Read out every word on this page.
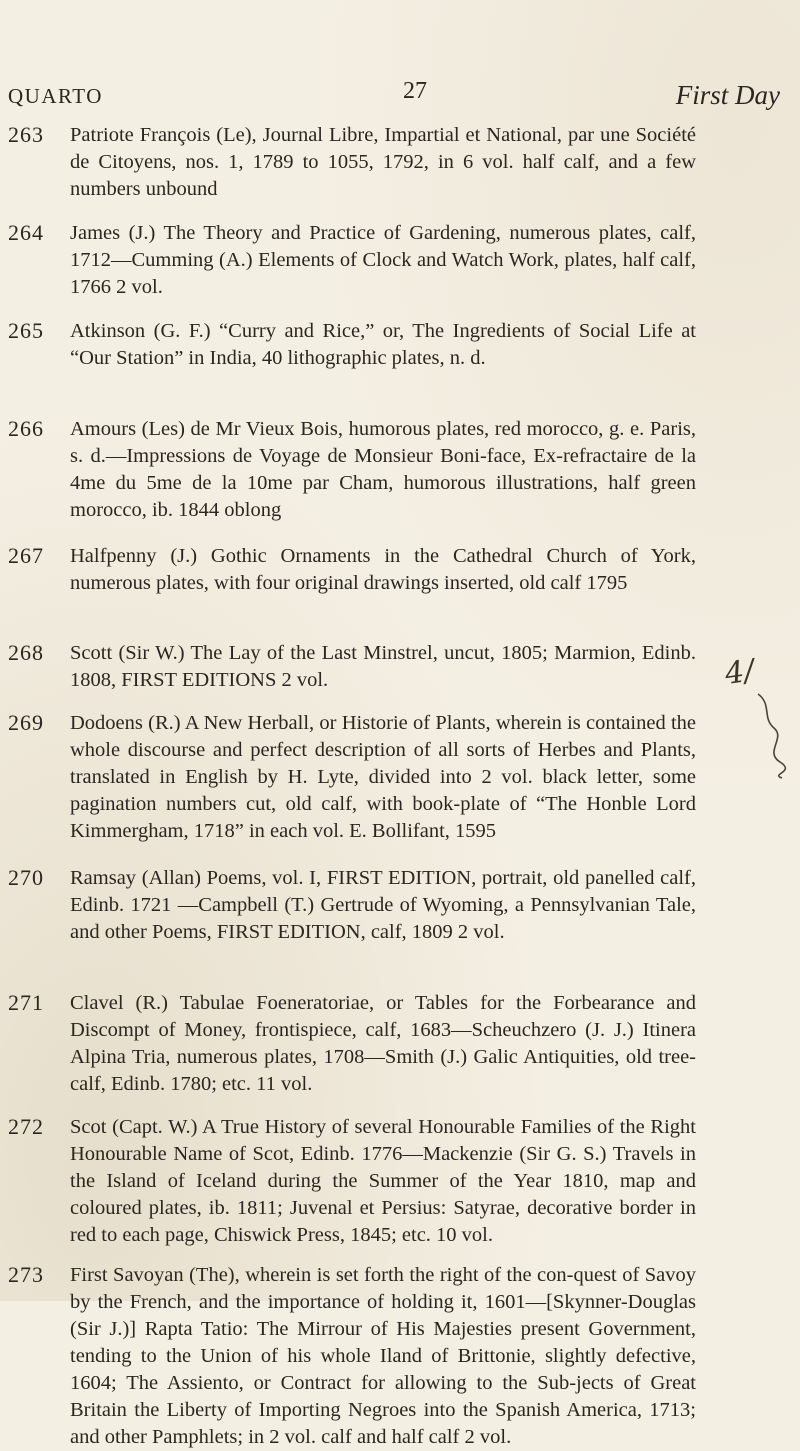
QUARTO	27	First Day
263	Patriote François (Le), Journal Libre, Impartial et National, par une Société de Citoyens, nos. 1, 1789 to 1055, 1792, in 6 vol. half calf, and a few numbers unbound
264	James (J.) The Theory and Practice of Gardening, numerous plates, calf, 1712—Cumming (A.) Elements of Clock and Watch Work, plates, half calf, 1766 2 vol.
265	Atkinson (G. F.) “Curry and Rice,” or, The Ingredients of Social Life at “Our Station” in India, 40 lithographic plates, n. d.
266	Amours (Les) de Mr Vieux Bois, humorous plates, red morocco, g. e. Paris, s. d.—Impressions de Voyage de Monsieur Boni-face, Ex-refractaire de la 4me du 5me de la 10me par Cham, humorous illustrations, half green morocco, ib. 1844 oblong
267	Halfpenny (J.) Gothic Ornaments in the Cathedral Church of York, numerous plates, with four original drawings inserted, old calf 1795
268	Scott (Sir W.) The Lay of the Last Minstrel, uncut, 1805; Marmion, Edinb. 1808, FIRST EDITIONS 2 vol.
269	Dodoens (R.) A New Herball, or Historie of Plants, wherein is contained the whole discourse and perfect description of all sorts of Herbes and Plants, translated in English by H. Lyte, divided into 2 vol. black letter, some pagination numbers cut, old calf, with book-plate of “The Honble Lord Kimmergham, 1718” in each vol. E. Bollifant, 1595
270	Ramsay (Allan) Poems, vol. I, FIRST EDITION, portrait, old panelled calf, Edinb. 1721 —Campbell (T.) Gertrude of Wyoming, a Pennsylvanian Tale, and other Poems, FIRST EDITION, calf, 1809 2 vol.
271	Clavel (R.) Tabulae Foeneratoriae, or Tables for the Forbearance and Discompt of Money, frontispiece, calf, 1683—Scheuchzero (J. J.) Itinera Alpina Tria, numerous plates, 1708—Smith (J.) Galic Antiquities, old tree-calf, Edinb. 1780; etc. 11 vol.
272	Scot (Capt. W.) A True History of several Honourable Families of the Right Honourable Name of Scot, Edinb. 1776—Mackenzie (Sir G. S.) Travels in the Island of Iceland during the Summer of the Year 1810, map and coloured plates, ib. 1811; Juvenal et Persius: Satyrae, decorative border in red to each page, Chiswick Press, 1845; etc. 10 vol.
273	First Savoyan (The), wherein is set forth the right of the con-quest of Savoy by the French, and the importance of holding it, 1601—[Skynner-Douglas (Sir J.)] Rapta Tatio: The Mirrour of His Majesties present Government, tending to the Union of his whole Iland of Brittonie, slightly defective, 1604; The Assiento, or Contract for allowing to the Sub-jects of Great Britain the Liberty of Importing Negroes into the Spanish America, 1713; and other Pamphlets; in 2 vol. calf and half calf 2 vol.
4/
